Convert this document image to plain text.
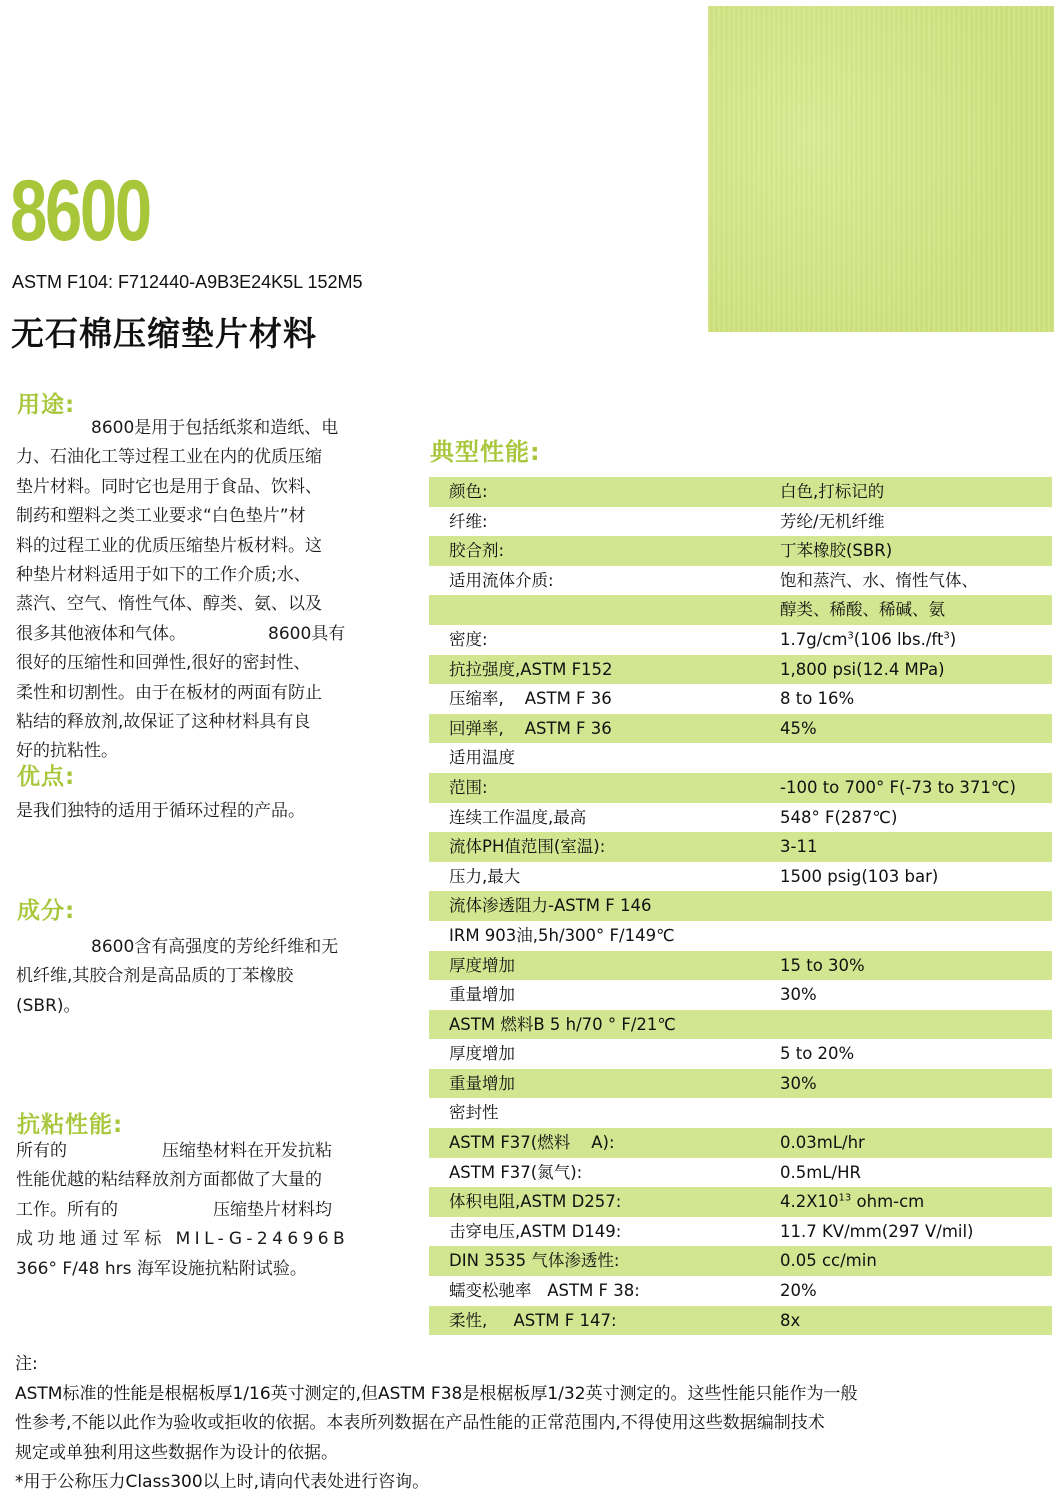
8600
ASTM F104: F712440-A9B3E24K5L 152M5
无石棉压缩垫片材料
用途:
8600是用于包括纸浆和造纸、电
力、石油化工等过程工业在内的优质压缩
垫片材料。同时它也是用于食品、饮料、
制药和塑料之类工业要求“白色垫片”材
料的过程工业的优质压缩垫片板材料。这
种垫片材料适用于如下的工作介质;水、
蒸汽、空气、惰性气体、醇类、氨、以及
很多其他液体和气体。	8600具有
很好的压缩性和回弹性,很好的密封性、
柔性和切割性。由于在板材的两面有防止
粘结的释放剂,故保证了这种材料具有良
好的抗粘性。
优点:
是我们独特的适用于循环过程的产品。
成分:
8600含有高强度的芳纶纤维和无
机纤维,其胶合剂是高品质的丁苯橡胶
(SBR)。
抗粘性能:
所有的	压缩垫材料在开发抗粘
性能优越的粘结释放剂方面都做了大量的
工作。所有的	压缩垫片材料均
成功地通过军标 MIL-G-24696B
366° F/48 hrs 海军设施抗粘附试验。
典型性能:
颜色:	白色,打标记的
纤维:	芳纶/无机纤维
胶合剂:	丁苯橡胶(SBR)
适用流体介质:	饱和蒸汽、水、惰性气体、
醇类、稀酸、稀碱、氨
密度:	$1.7g/cm^3(106$ $lbs./ft^3$)
抗拉强度,ASTM F152	1,800 psi(12.4 MPa)
压缩率,    ASTM F 36	8 to 16%
回弹率,    ASTM F 36	45%
适用温度
范围:	-100 to 700° F(-73 to 371℃)
连续工作温度,最高	548° F(287℃)
流体PH值范围(室温):	3-11
压力,最大	1500 psig(103 bar)
流体渗透阻力-ASTM F 146
IRM 903油,5h/300° F/149℃
厚度增加	15 to 30%
重量增加	30%
ASTM 燃料B 5 h/70 ° F/21℃
厚度增加	5 to 20%
重量增加	30%
密封性
ASTM F37(燃料    A):	0.03mL/hr
ASTM F37(氮气):	0.5mL/HR
体积电阻,ASTM D257:	$4.2X10^{13}$ ohm-cm
击穿电压,ASTM D149:	11.7 KV/mm(297 V/mil)
DIN 3535 气体渗透性:	0.05 cc/min
蠕变松驰率   ASTM F 38:	20%
柔性,     ASTM F 147:	8x
注:
ASTM标准的性能是根椐板厚1/16英寸测定的,但ASTM F38是根椐板厚1/32英寸测定的。这些性能只能作为一般
性参考,不能以此作为验收或拒收的依据。本表所列数据在产品性能的正常范围内,不得使用这些数据编制技术
规定或单独利用这些数据作为设计的依据。
*用于公称压力Class300以上时,请向代表处进行咨询。
